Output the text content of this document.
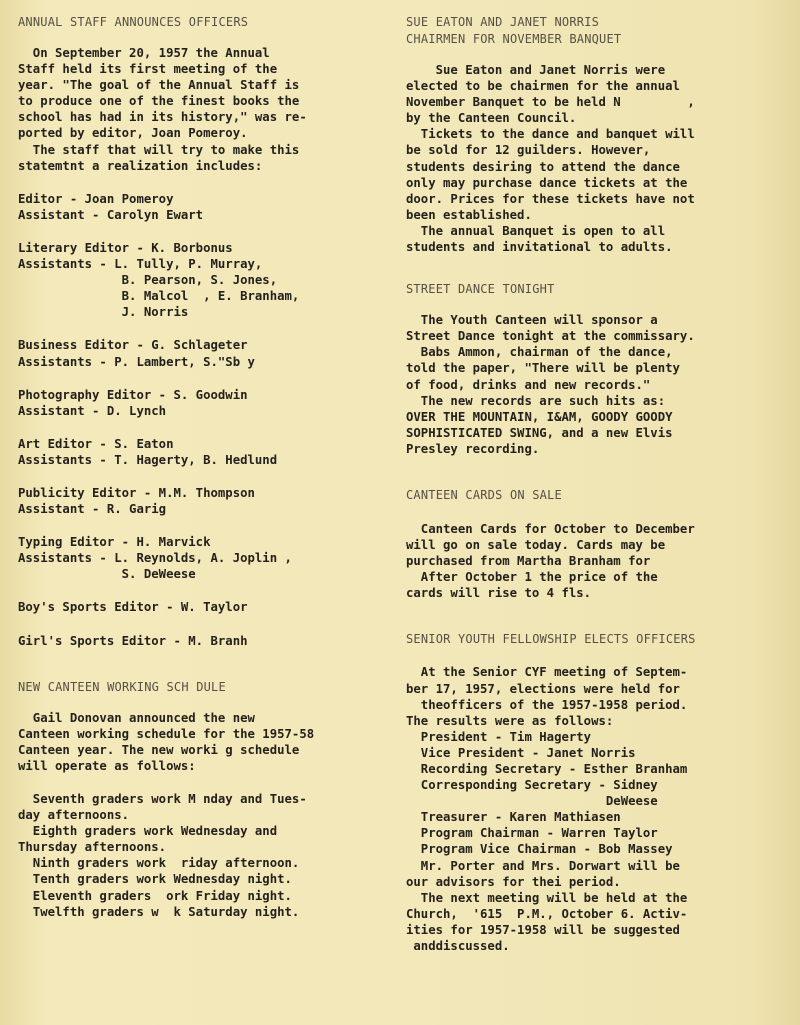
ANNUAL STAFF ANNOUNCES OFFICERS
On September 20, 1957 the Annual
Staff held its first meeting of the
year. "The goal of the Annual Staff is
to produce one of the finest books the
school has had in its history," was re-
ported by editor, Joan Pomeroy.
The staff that will try to make this
statemtnt a realization includes:
Editor - Joan Pomeroy
Assistant - Carolyn Ewart
Literary Editor - K. Borbonus
Assistants - L. Tully, P. Murray,
B. Pearson, S. Jones,
B. Malcol  , E. Branham,
J. Norris
Business Editor - G. Schlageter
Assistants - P. Lambert, S."Sb y
Photography Editor - S. Goodwin
Assistant - D. Lynch
Art Editor - S. Eaton
Assistants - T. Hagerty, B. Hedlund
Publicity Editor - M.M. Thompson
Assistant - R. Garig
Typing Editor - H. Marvick
Assistants - L. Reynolds, A. Joplin ,
S. DeWeese
Boy's Sports Editor - W. Taylor
Girl's Sports Editor - M. Branh
NEW CANTEEN WORKING SCH DULE
Gail Donovan announced the new
Canteen working schedule for the 1957-58
Canteen year. The new worki g schedule
will operate as follows:
Seventh graders work M nday and Tues-
day afternoons.
Eighth graders work Wednesday and
Thursday afternoons.
Ninth graders work  riday afternoon.
Tenth graders work Wednesday night.
Eleventh graders  ork Friday night.
Twelfth graders w  k Saturday night.
SUE EATON AND JANET NORRIS
CHAIRMEN FOR NOVEMBER BANQUET
Sue Eaton and Janet Norris were
elected to be chairmen for the annual
November Banquet to be held N         ,
by the Canteen Council.
Tickets to the dance and banquet will
be sold for 12 guilders. However,
students desiring to attend the dance
only may purchase dance tickets at the
door. Prices for these tickets have not
been established.
The annual Banquet is open to all
students and invitational to adults.
STREET DANCE TONIGHT
The Youth Canteen will sponsor a
Street Dance tonight at the commissary.
Babs Ammon, chairman of the dance,
told the paper, "There will be plenty
of food, drinks and new records."
The new records are such hits as:
OVER THE MOUNTAIN, I&AM, GOODY GOODY
SOPHISTICATED SWING, and a new Elvis
Presley recording.
CANTEEN CARDS ON SALE
Canteen Cards for October to December
will go on sale today. Cards may be
purchased from Martha Branham for
After October 1 the price of the
cards will rise to 4 fls.
SENIOR YOUTH FELLOWSHIP ELECTS OFFICERS
At the Senior CYF meeting of Septem-
ber 17, 1957, elections were held for
theofficers of the 1957-1958 period.
The results were as follows:
President - Tim Hagerty
Vice President - Janet Norris
Recording Secretary - Esther Branham
Corresponding Secretary - Sidney
DeWeese
Treasurer - Karen Mathiasen
Program Chairman - Warren Taylor
Program Vice Chairman - Bob Massey
Mr. Porter and Mrs. Dorwart will be
our advisors for thei period.
The next meeting will be held at the
Church,  '615  P.M., October 6. Activ-
ities for 1957-1958 will be suggested
anddiscussed.
